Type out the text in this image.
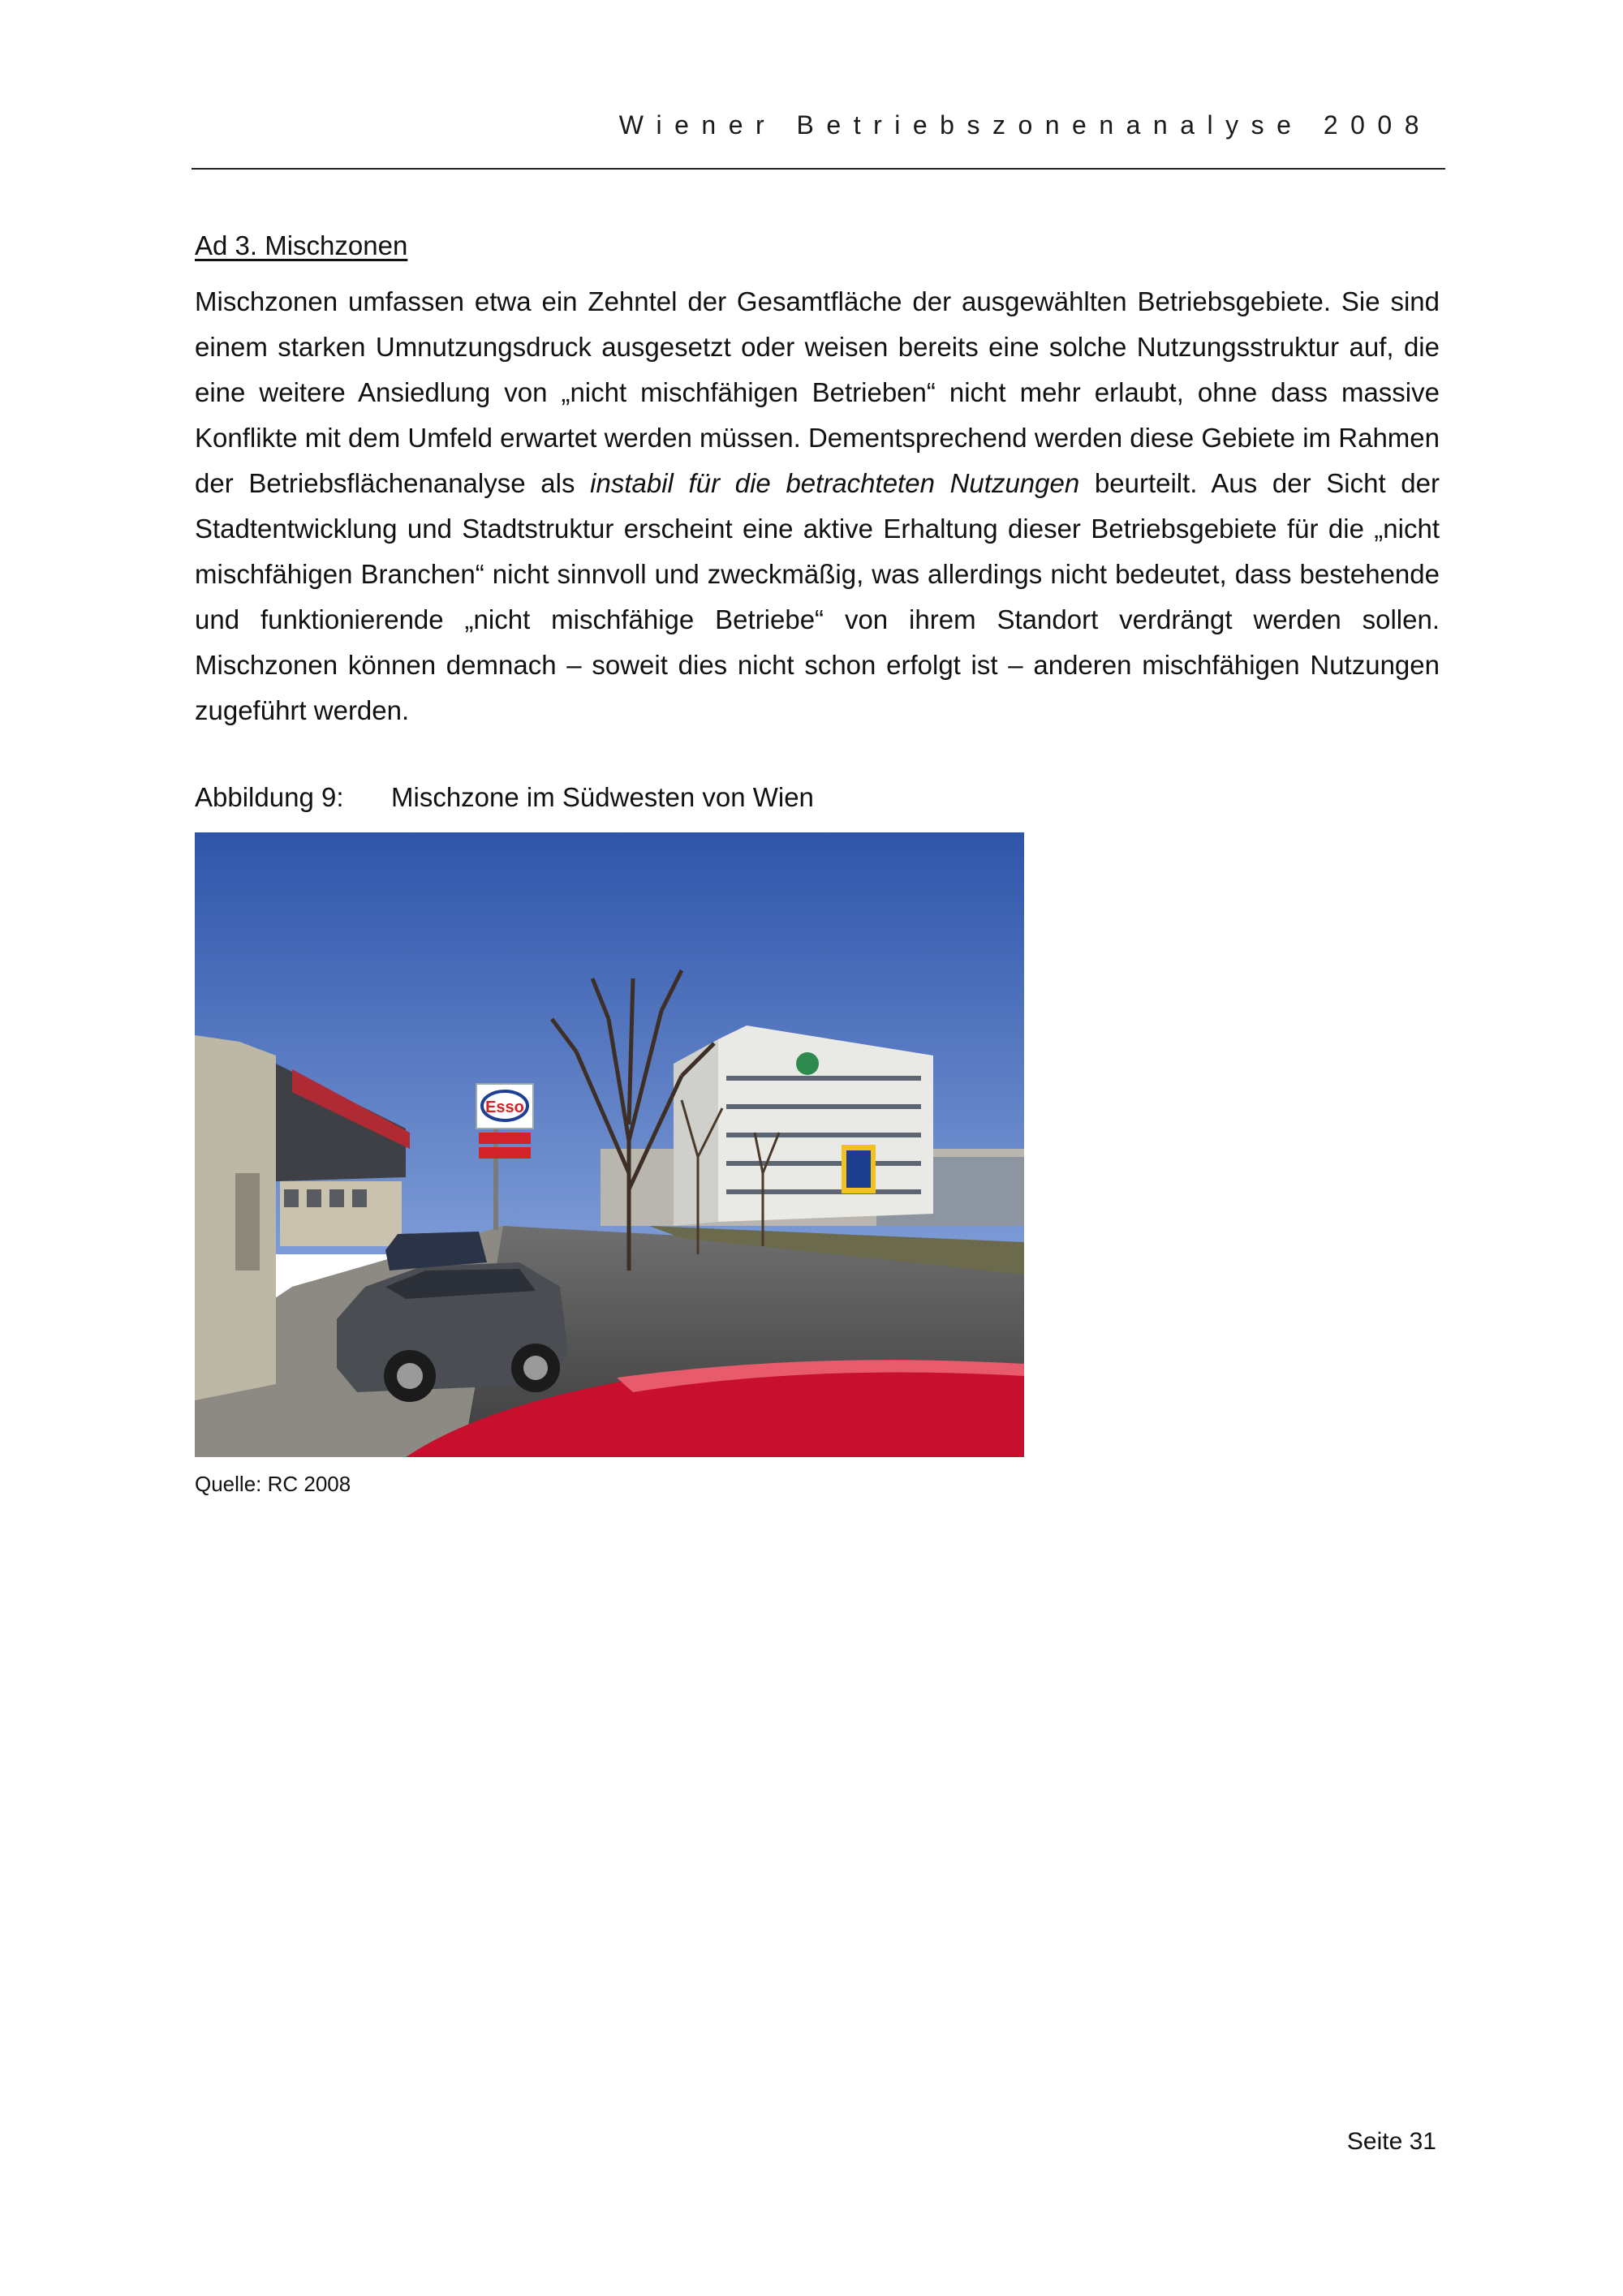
Wiener Betriebszonenanalyse 2008
Ad 3. Mischzonen

Mischzonen umfassen etwa ein Zehntel der Gesamtfläche der ausgewählten Betriebsgebiete. Sie sind einem starken Umnutzungsdruck ausgesetzt oder weisen bereits eine solche Nutzungsstruktur auf, die eine weitere Ansiedlung von „nicht mischfähigen Betrieben“ nicht mehr erlaubt, ohne dass massive Konflikte mit dem Umfeld erwartet werden müssen. Dementsprechend werden diese Gebiete im Rahmen der Betriebsflächenanalyse als instabil für die betrachteten Nutzungen beurteilt. Aus der Sicht der Stadtentwicklung und Stadtstruktur erscheint eine aktive Erhaltung dieser Betriebsgebiete für die „nicht mischfähigen Branchen“ nicht sinnvoll und zweckmäßig, was allerdings nicht bedeutet, dass bestehende und funktionierende „nicht mischfähige Betriebe“ von ihrem Standort verdrängt werden sollen. Mischzonen können demnach – soweit dies nicht schon erfolgt ist – anderen mischfähigen Nutzungen zugeführt werden.

Abbildung 9: Mischzone im Südwesten von Wien
Esso
Quelle: RC 2008
Seite 31
